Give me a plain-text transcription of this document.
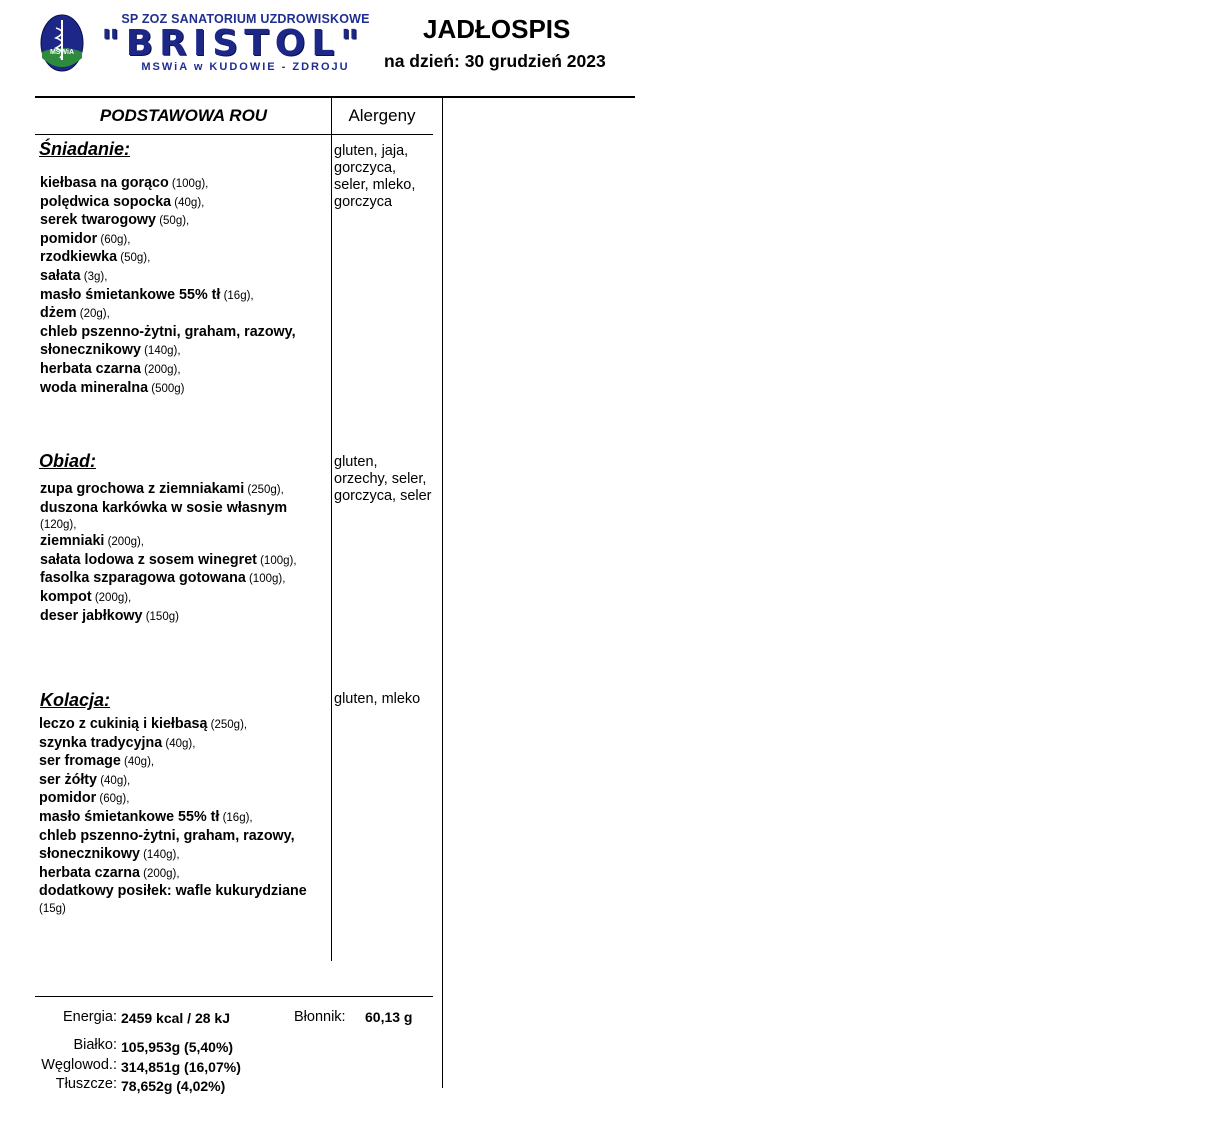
MSWiA
SP ZOZ SANATORIUM UZDROWISKOWE
"BRISTOL"
MSWiA w KUDOWIE - ZDROJU
JADŁOSPIS
na dzień: 30 grudzień 2023
PODSTAWOWA ROU	Alergeny
Śniadanie:
kiełbasa na gorąco (100g),
polędwica sopocka (40g),
serek twarogowy (50g),
pomidor (60g),
rzodkiewka (50g),
sałata (3g),
masło śmietankowe 55% tł (16g),
dżem (20g),
chleb pszenno-żytni, graham, razowy,
słonecznikowy (140g),
herbata czarna (200g),
woda mineralna (500g)
gluten, jaja, gorczyca, seler, mleko, gorczyca
Obiad:
zupa grochowa z ziemniakami (250g),
duszona karkówka w sosie własnym
(120g),
ziemniaki (200g),
sałata lodowa z sosem winegret (100g),
fasolka szparagowa gotowana (100g),
kompot (200g),
deser jabłkowy (150g)
gluten, orzechy, seler, gorczyca, seler
Kolacja:
leczo z cukinią i kiełbasą (250g),
szynka tradycyjna (40g),
ser fromage (40g),
ser żółty (40g),
pomidor (60g),
masło śmietankowe 55% tł (16g),
chleb pszenno-żytni, graham, razowy,
słonecznikowy (140g),
herbata czarna (200g),
dodatkowy posiłek: wafle kukurydziane
(15g)
gluten, mleko
Energia: 2459 kcal / 28 kJ	Błonnik: 60,13 g
Białko: 105,953g (5,40%)
Węglowod.: 314,851g (16,07%)
Tłuszcze: 78,652g (4,02%)
